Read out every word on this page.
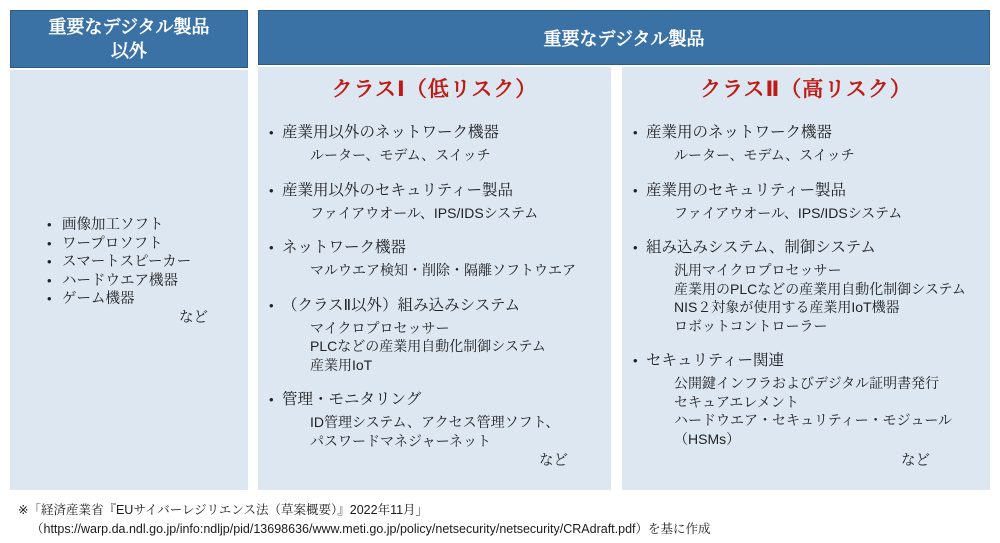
重要なデジタル製品
以外
重要なデジタル製品
• 画像加工ソフト
• ワープロソフト
• スマートスピーカー
• ハードウエア機器
• ゲーム機器
など
クラスⅠ（低リスク）
• 産業用以外のネットワーク機器
ルーター、モデム、スイッチ
• 産業用以外のセキュリティー製品
ファイアウオール、IPS/IDSシステム
• ネットワーク機器
マルウエア検知・削除・隔離ソフトウエア
• （クラスⅡ以外）組み込みシステム
マイクロプロセッサー
PLCなどの産業用自動化制御システム
産業用IoT
• 管理・モニタリング
ID管理システム、アクセス管理ソフト、
パスワードマネジャーネット
など
クラスⅡ（高リスク）
• 産業用のネットワーク機器
ルーター、モデム、スイッチ
• 産業用のセキュリティー製品
ファイアウオール、IPS/IDSシステム
• 組み込みシステム、制御システム
汎用マイクロプロセッサー
産業用のPLCなどの産業用自動化制御システム
NIS２対象が使用する産業用IoT機器
ロボットコントローラー
• セキュリティー関連
公開鍵インフラおよびデジタル証明書発行
セキュアエレメント
ハードウエア・セキュリティー・モジュール
（HSMs）
など
※「経済産業省『EUサイバーレジリエンス法（草案概要）』2022年11月」
（https://warp.da.ndl.go.jp/info:ndljp/pid/13698636/www.meti.go.jp/policy/netsecurity/netsecurity/CRAdraft.pdf）を基に作成
